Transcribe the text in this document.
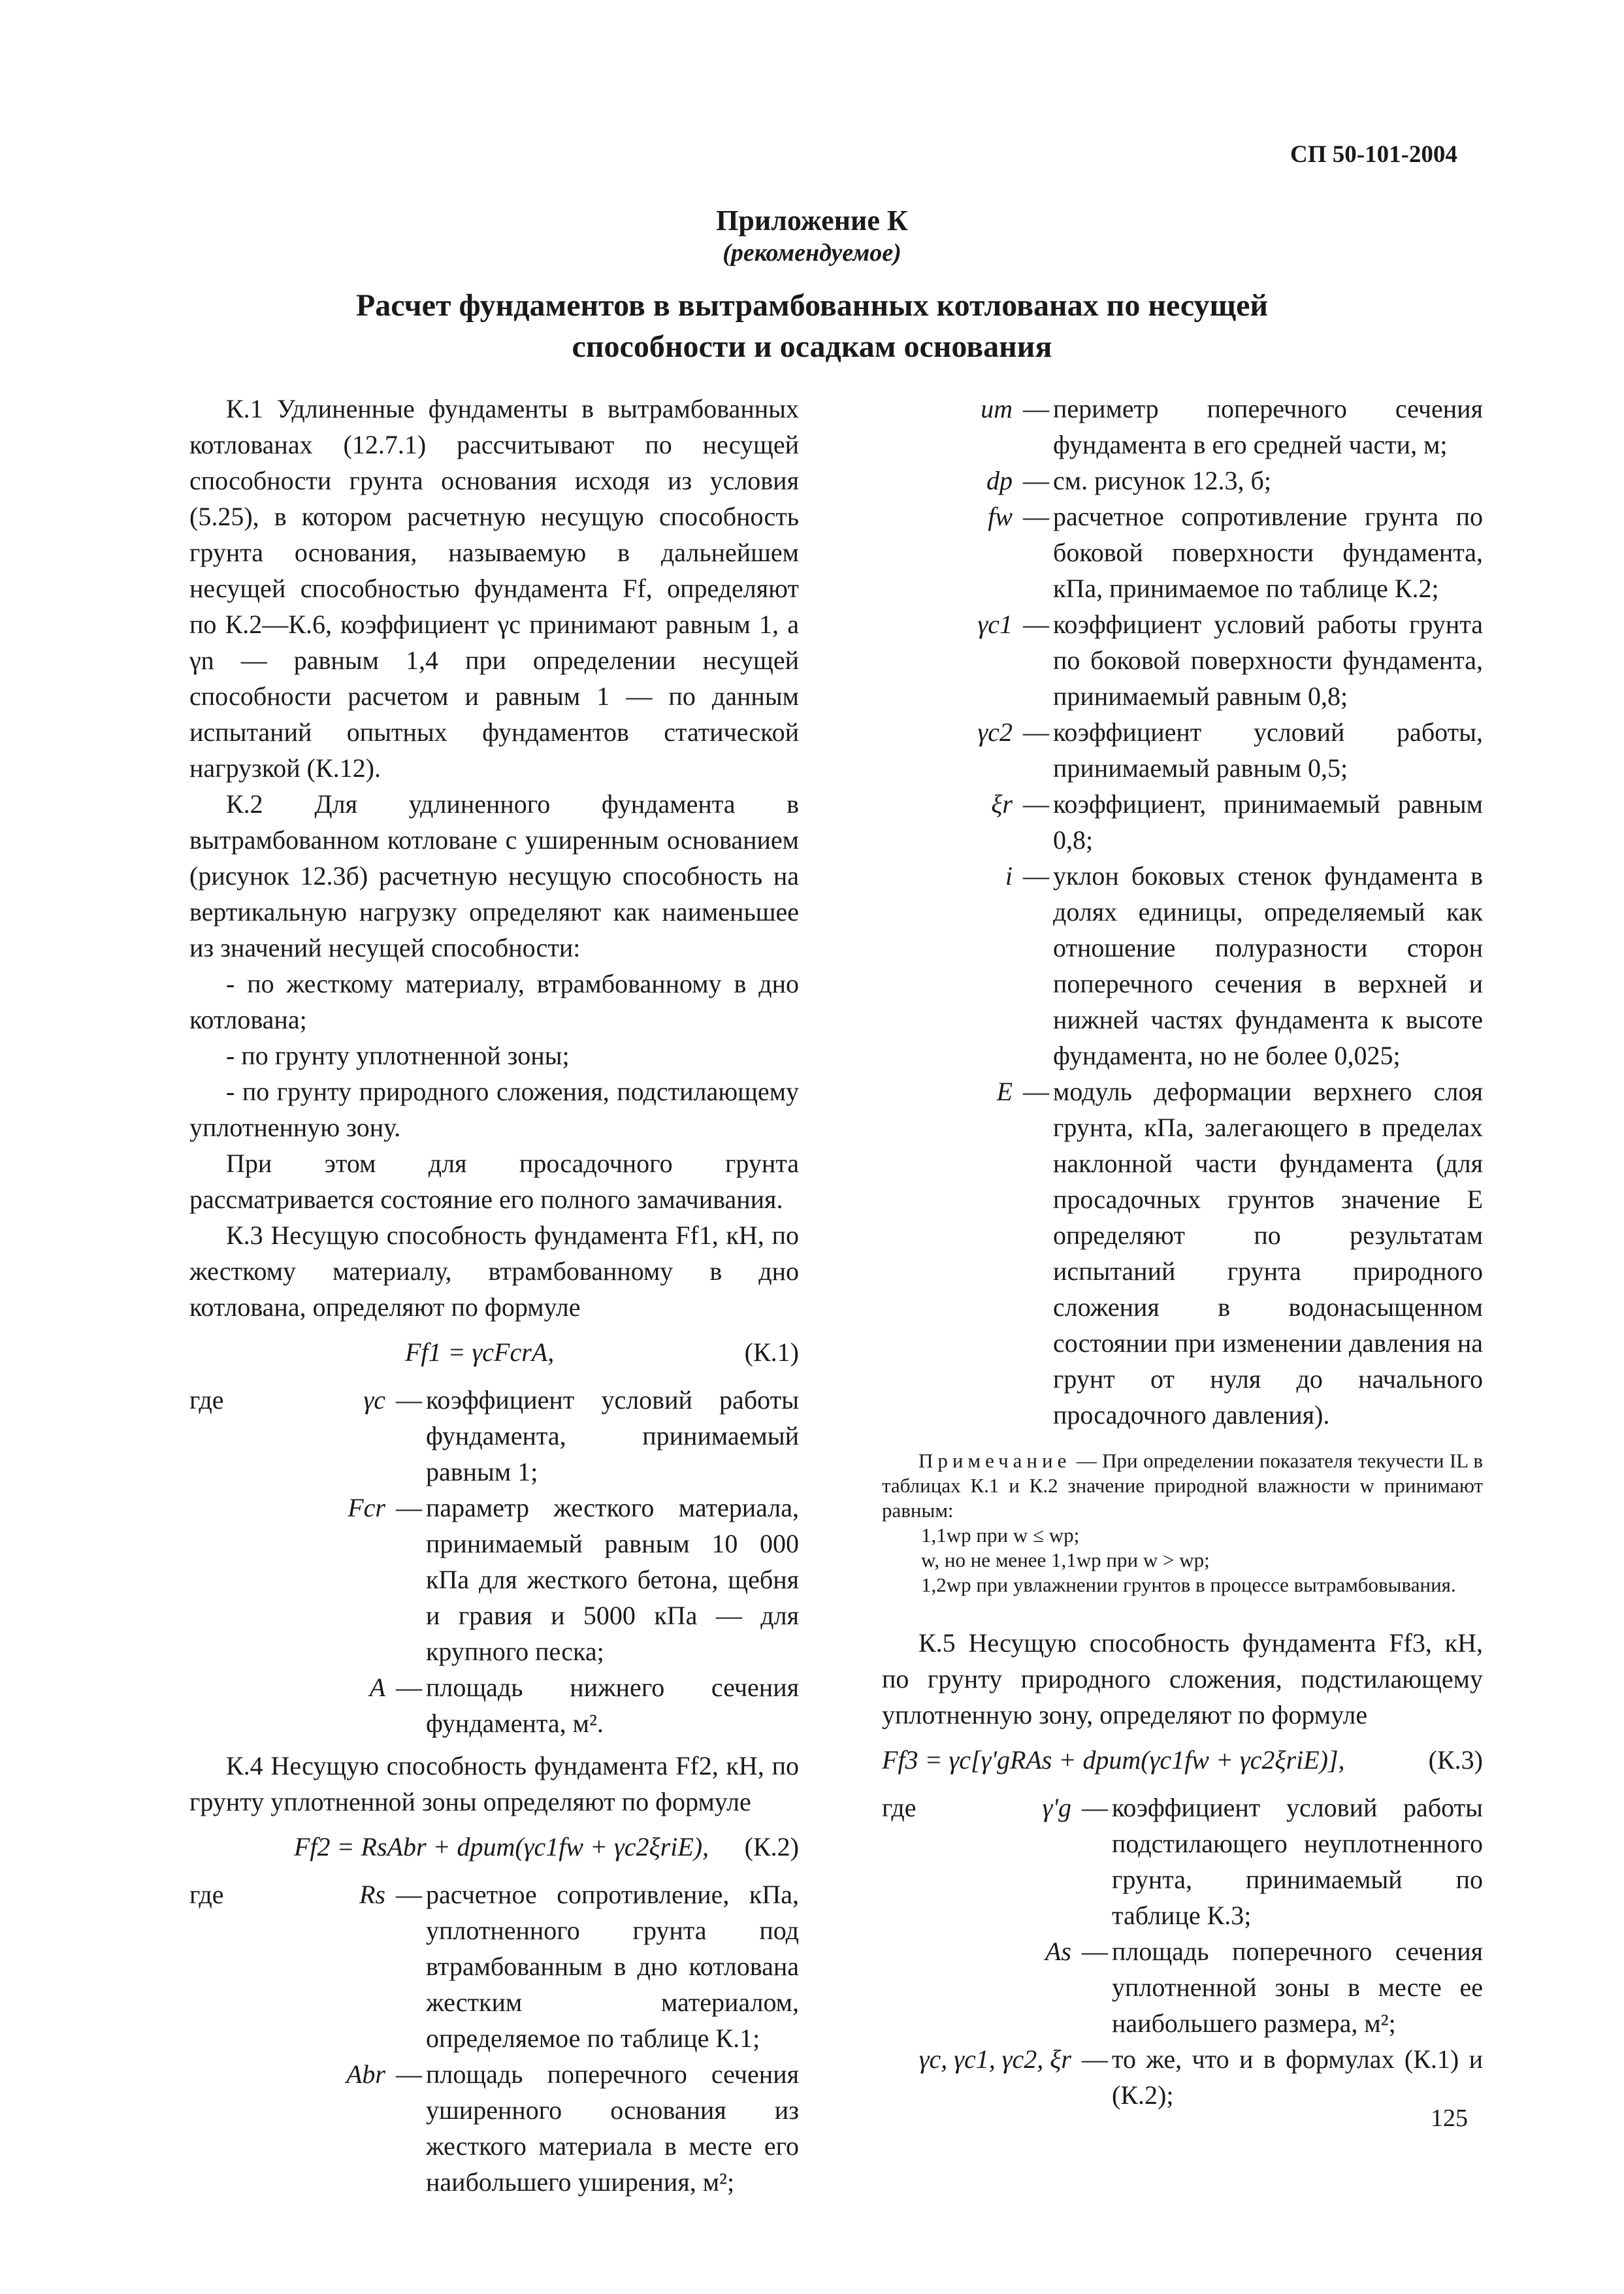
СП 50-101-2004
Приложение К
(рекомендуемое)
Расчет фундаментов в вытрамбованных котлованах по несущей
способности и осадкам основания

К.1 Удлиненные фундаменты в вытрамбованных котлованах (12.7.1) рассчитывают по несущей способности грунта основания исходя из условия (5.25), в котором расчетную несущую способность грунта основания, называемую в дальнейшем несущей способностью фундамента Ff, определяют по К.2—К.6, коэффициент γc принимают равным 1, а γn — равным 1,4 при определении несущей способности расчетом и равным 1 — по данным испытаний опытных фундаментов статической нагрузкой (К.12).

К.2 Для удлиненного фундамента в вытрамбованном котловане с уширенным основанием (рисунок 12.3б) расчетную несущую способность на вертикальную нагрузку определяют как наименьшее из значений несущей способности:

- по жесткому материалу, втрамбованному в дно котлована;

- по грунту уплотненной зоны;

- по грунту природного сложения, подстилающему уплотненную зону.

При этом для просадочного грунта рассматривается состояние его полного замачивания.

К.3 Несущую способность фундамента Ff1, кН, по жесткому материалу, втрамбованному в дно котлована, определяют по формуле

Ff1 = γcFcrA,	(К.1)
где	γc — коэффициент условий работы фундамента, принимаемый равным 1;
Fcr — параметр жесткого материала, принимаемый равным 10 000 кПа для жесткого бетона, щебня и гравия и 5000 кПа — для крупного песка;
A — площадь нижнего сечения фундамента, м².

К.4 Несущую способность фундамента Ff2, кН, по грунту уплотненной зоны определяют по формуле

Ff2 = RsAbr + dpum(γc1fw + γc2ξriE), (К.2)
где	Rs — расчетное сопротивление, кПа, уплотненного грунта под втрамбованным в дно котлована жестким материалом, определяемое по таблице К.1;
Abr — площадь поперечного сечения уширенного основания из жесткого материала в месте его наибольшего уширения, м²;
um — периметр поперечного сечения фундамента в его средней части, м;
dp — см. рисунок 12.3, б;
fw — расчетное сопротивление грунта по боковой поверхности фундамента, кПа, принимаемое по таблице К.2;
γc1 — коэффициент условий работы грунта по боковой поверхности фундамента, принимаемый равным 0,8;
γc2 — коэффициент условий работы, принимаемый равным 0,5;
ξr — коэффициент, принимаемый равным 0,8;
i — уклон боковых стенок фундамента в долях единицы, определяемый как отношение полуразности сторон поперечного сечения в верхней и нижней частях фундамента к высоте фундамента, но не более 0,025;
E — модуль деформации верхнего слоя грунта, кПа, залегающего в пределах наклонной части фундамента (для просадочных грунтов значение E определяют по результатам испытаний грунта природного сложения в водонасыщенном состоянии при изменении давления на грунт от нуля до начального просадочного давления).

Примечание — При определении показателя текучести IL в таблицах К.1 и К.2 значение природной влажности w принимают равным:

1,1wp при w ≤ wp;

w, но не менее 1,1wp при w > wp;

1,2wp при увлажнении грунтов в процессе вытрамбовывания.

К.5 Несущую способность фундамента Ff3, кН, по грунту природного сложения, подстилающему уплотненную зону, определяют по формуле

Ff3 = γc[γ'gRAs + dpum(γc1fw + γc2ξriE)],	(К.3)
где	γ'g — коэффициент условий работы подстилающего неуплотненного грунта, принимаемый по таблице К.3;
As — площадь поперечного сечения уплотненной зоны в месте ее наибольшего размера, м²;
γc, γc1, γc2, ξr — то же, что и в формулах (К.1) и (К.2);
125
